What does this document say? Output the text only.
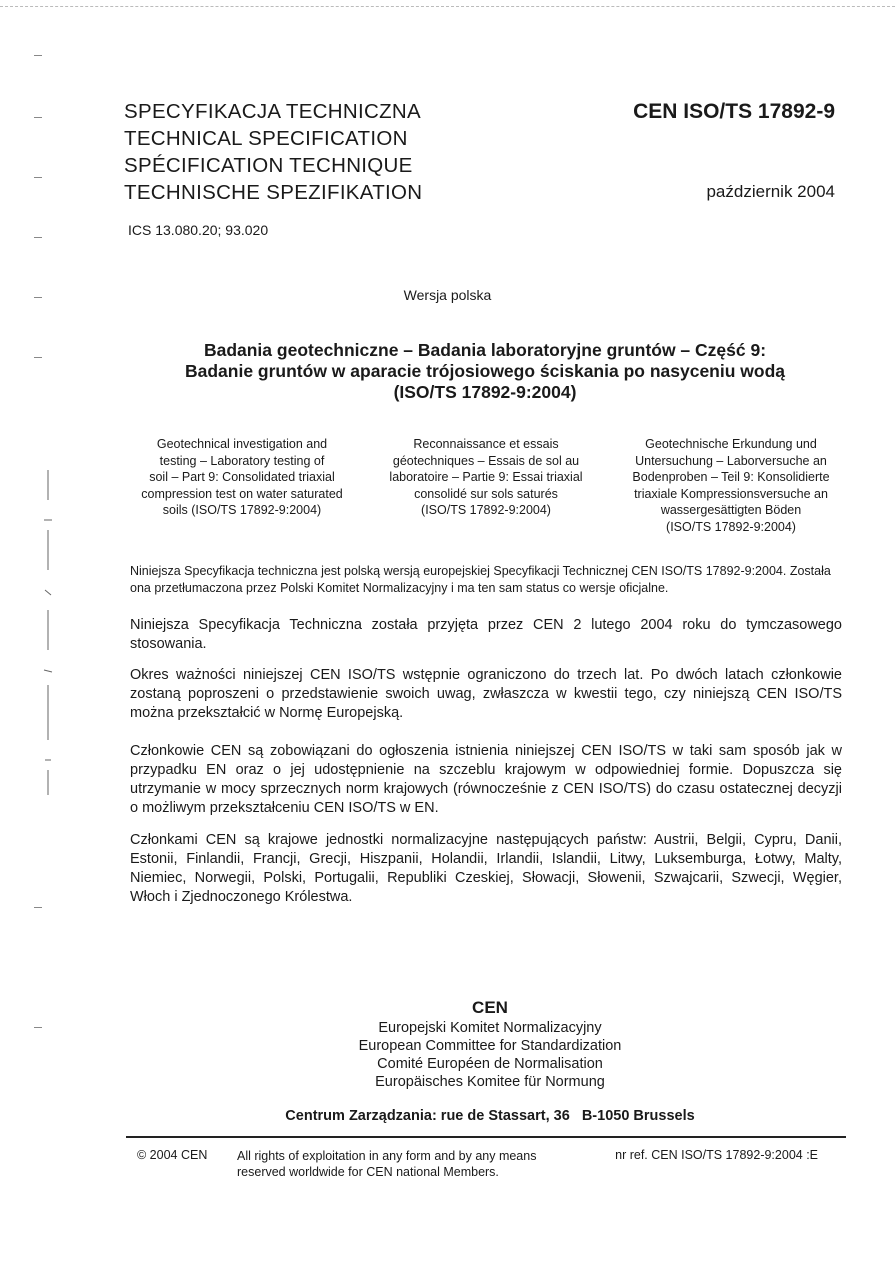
SPECYFIKACJA TECHNICZNA
TECHNICAL SPECIFICATION
SPÉCIFICATION TECHNIQUE
TECHNISCHE SPEZIFIKATION
CEN ISO/TS 17892-9
październik 2004
ICS 13.080.20; 93.020
Wersja polska
Badania geotechniczne – Badania laboratoryjne gruntów – Część 9:
Badanie gruntów w aparacie trójosiowego ściskania po nasyceniu wodą
(ISO/TS 17892-9:2004)
Geotechnical investigation and
testing – Laboratory testing of
soil – Part 9: Consolidated triaxial
compression test on water saturated
soils (ISO/TS 17892-9:2004)
Reconnaissance et essais
géotechniques – Essais de sol au
laboratoire – Partie 9: Essai triaxial
consolidé sur sols saturés
(ISO/TS 17892-9:2004)
Geotechnische Erkundung und
Untersuchung – Laborversuche an
Bodenproben – Teil 9: Konsolidierte
triaxiale Kompressionsversuche an
wassergesättigten Böden
(ISO/TS 17892-9:2004)
Niniejsza Specyfikacja techniczna jest polską wersją europejskiej Specyfikacji Technicznej CEN ISO/TS 17892-9:2004. Została ona przetłumaczona przez Polski Komitet Normalizacyjny i ma ten sam status co wersje oficjalne.
Niniejsza Specyfikacja Techniczna została przyjęta przez CEN 2 lutego 2004 roku do tymczasowego stosowania.
Okres ważności niniejszej CEN ISO/TS wstępnie ograniczono do trzech lat. Po dwóch latach członkowie zostaną poproszeni o przedstawienie swoich uwag, zwłaszcza w kwestii tego, czy niniejszą CEN ISO/TS można przekształcić w Normę Europejską.
Członkowie CEN są zobowiązani do ogłoszenia istnienia niniejszej CEN ISO/TS w taki sam sposób jak w przypadku EN oraz o jej udostępnienie na szczeblu krajowym w odpowiedniej formie. Dopuszcza się utrzymanie w mocy sprzecznych norm krajowych (równocześnie z CEN ISO/TS) do czasu ostatecznej decyzji o możliwym przekształceniu CEN ISO/TS w EN.
Członkami CEN są krajowe jednostki normalizacyjne następujących państw: Austrii, Belgii, Cypru, Danii, Estonii, Finlandii, Francji, Grecji, Hiszpanii, Holandii, Irlandii, Islandii, Litwy, Luksemburga, Łotwy, Malty, Niemiec, Norwegii, Polski, Portugalii, Republiki Czeskiej, Słowacji, Słowenii, Szwajcarii, Szwecji, Węgier, Włoch i Zjednoczonego Królestwa.
CEN
Europejski Komitet Normalizacyjny
European Committee for Standardization
Comité Européen de Normalisation
Europäisches Komitee für Normung
Centrum Zarządzania: rue de Stassart, 36   B-1050 Brussels
© 2004 CEN All rights of exploitation in any form and by any means reserved worldwide for CEN national Members.
nr ref. CEN ISO/TS 17892-9:2004 :E
